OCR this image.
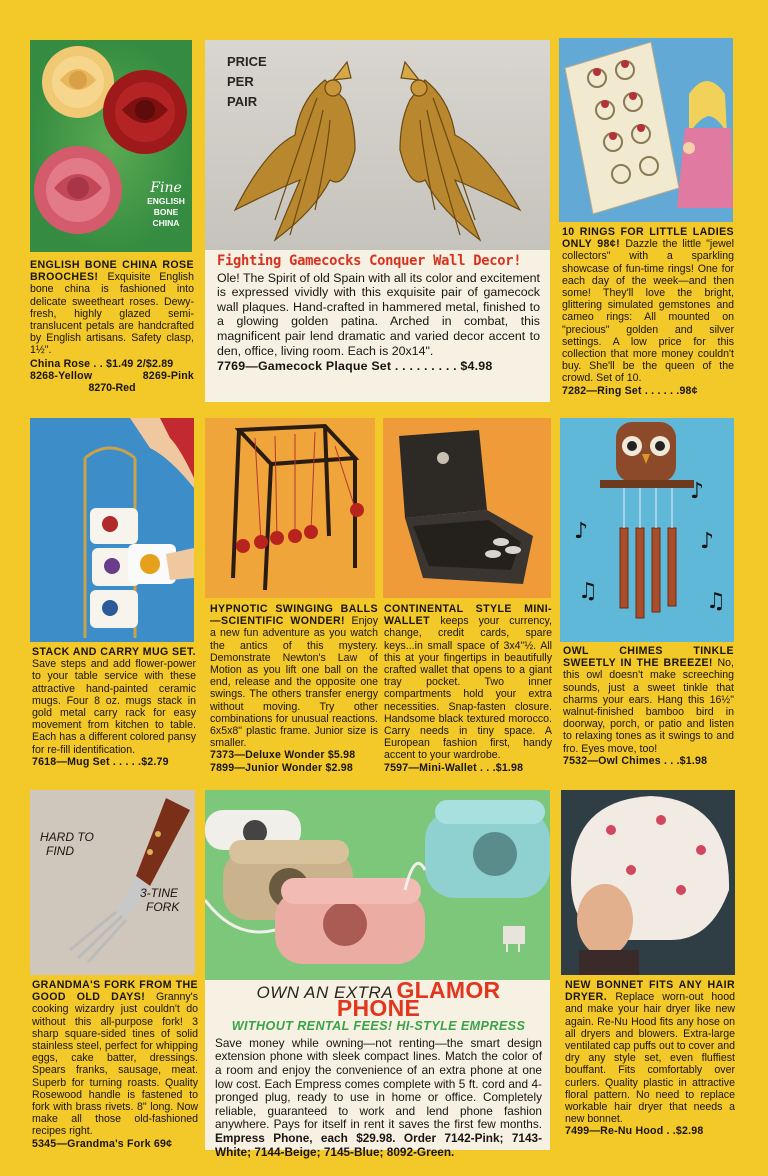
Fine
ENGLISH
BONE
CHINA
ENGLISH BONE CHINA ROSE BROOCHES! Exquisite English bone china is fashioned into delicate sweetheart roses. Dewy-fresh, highly glazed semi-translucent petals are handcrafted by English artisans. Safety clasp, 1½".
China Rose . . $1.49 2/$2.89
8268-Yellow	8269-Pink
8270-Red
PRICE
PER
PAIR
Fighting Gamecocks Conquer Wall Decor!
Ole! The Spirit of old Spain with all its color and excitement is expressed vividly with this exquisite pair of gamecock wall plaques. Hand-crafted in hammered metal, finished to a glowing golden patina. Arched in combat, this magnificent pair lend dramatic and varied decor accent to den, office, living room. Each is 20x14".
7769—Gamecock Plaque Set . . . . . . . . . $4.98
10 RINGS FOR LITTLE LADIES ONLY 98¢! Dazzle the little "jewel collectors" with a sparkling showcase of fun-time rings! One for each day of the week—and then some! They'll love the bright, glittering simulated gemstones and cameo rings: All mounted on "precious" golden and silver settings. A low price for this collection that more money couldn't buy. She'll be the queen of the crowd. Set of 10.
7282—Ring Set . . . . . .98¢
STACK AND CARRY MUG SET. Save steps and add flower-power to your table service with these attractive hand-painted ceramic mugs. Four 8 oz. mugs stack in gold metal carry rack for easy movement from kitchen to table. Each has a different colored pansy for re-fill identification.
7618—Mug Set . . . . .$2.79
HYPNOTIC SWINGING BALLS—SCIENTIFIC WONDER! Enjoy a new fun adventure as you watch the antics of this mystery. Demonstrate Newton's Law of Motion as you lift one ball on the end, release and the opposite one swings. The others transfer energy without moving. Try other combinations for unusual reactions. 6x5x8" plastic frame. Junior size is smaller.
7373—Deluxe Wonder $5.98
7899—Junior Wonder $2.98
CONTINENTAL STYLE MINI-WALLET keeps your currency, change, credit cards, spare keys...in small space of 3x4"½. All this at your fingertips in beautifully crafted wallet that opens to a giant tray pocket. Two inner compartments hold your extra necessities. Snap-fasten closure. Handsome black textured morocco. Carry needs in tiny space. A European fashion first, handy accent to your wardrobe.
7597—Mini-Wallet . . .$1.98
♪
♫
♪
♫
♪
OWL CHIMES TINKLE SWEETLY IN THE BREEZE! No, this owl doesn't make screeching sounds, just a sweet tinkle that charms your ears. Hang this 16½" walnut-finished bamboo bird in doorway, porch, or patio and listen to relaxing tones as it swings to and fro. Eyes move, too!
7532—Owl Chimes . . .$1.98
HARD TO
FIND
3-TINE
FORK
GRANDMA'S FORK FROM THE GOOD OLD DAYS! Granny's cooking wizardry just couldn't do without this all-purpose fork! 3 sharp square-sided tines of solid stainless steel, perfect for whipping eggs, cake batter, dressings. Spears franks, sausage, meat. Superb for turning roasts. Quality Rosewood handle is fastened to fork with brass rivets. 8" long. Now make all those old-fashioned recipes right.
5345—Grandma's Fork 69¢
OWN AN EXTRA GLAMOR PHONE
WITHOUT RENTAL FEES! HI-STYLE EMPRESS
Save money while owning—not renting—the smart design extension phone with sleek compact lines. Match the color of a room and enjoy the convenience of an extra phone at one low cost. Each Empress comes complete with 5 ft. cord and 4-pronged plug, ready to use in home or office. Completely reliable, guaranteed to work and lend phone fashion anywhere. Pays for itself in rent it saves the first few months. Empress Phone, each $29.98. Order 7142-Pink; 7143-White; 7144-Beige; 7145-Blue; 8092-Green.
NEW BONNET FITS ANY HAIR DRYER. Replace worn-out hood and make your hair dryer like new again. Re-Nu Hood fits any hose on all dryers and blowers. Extra-large ventilated cap puffs out to cover and dry any style set, even fluffiest bouffant. Fits comfortably over curlers. Quality plastic in attractive floral pattern. No need to replace workable hair dryer that needs a new bonnet.
7499—Re-Nu Hood . .$2.98
